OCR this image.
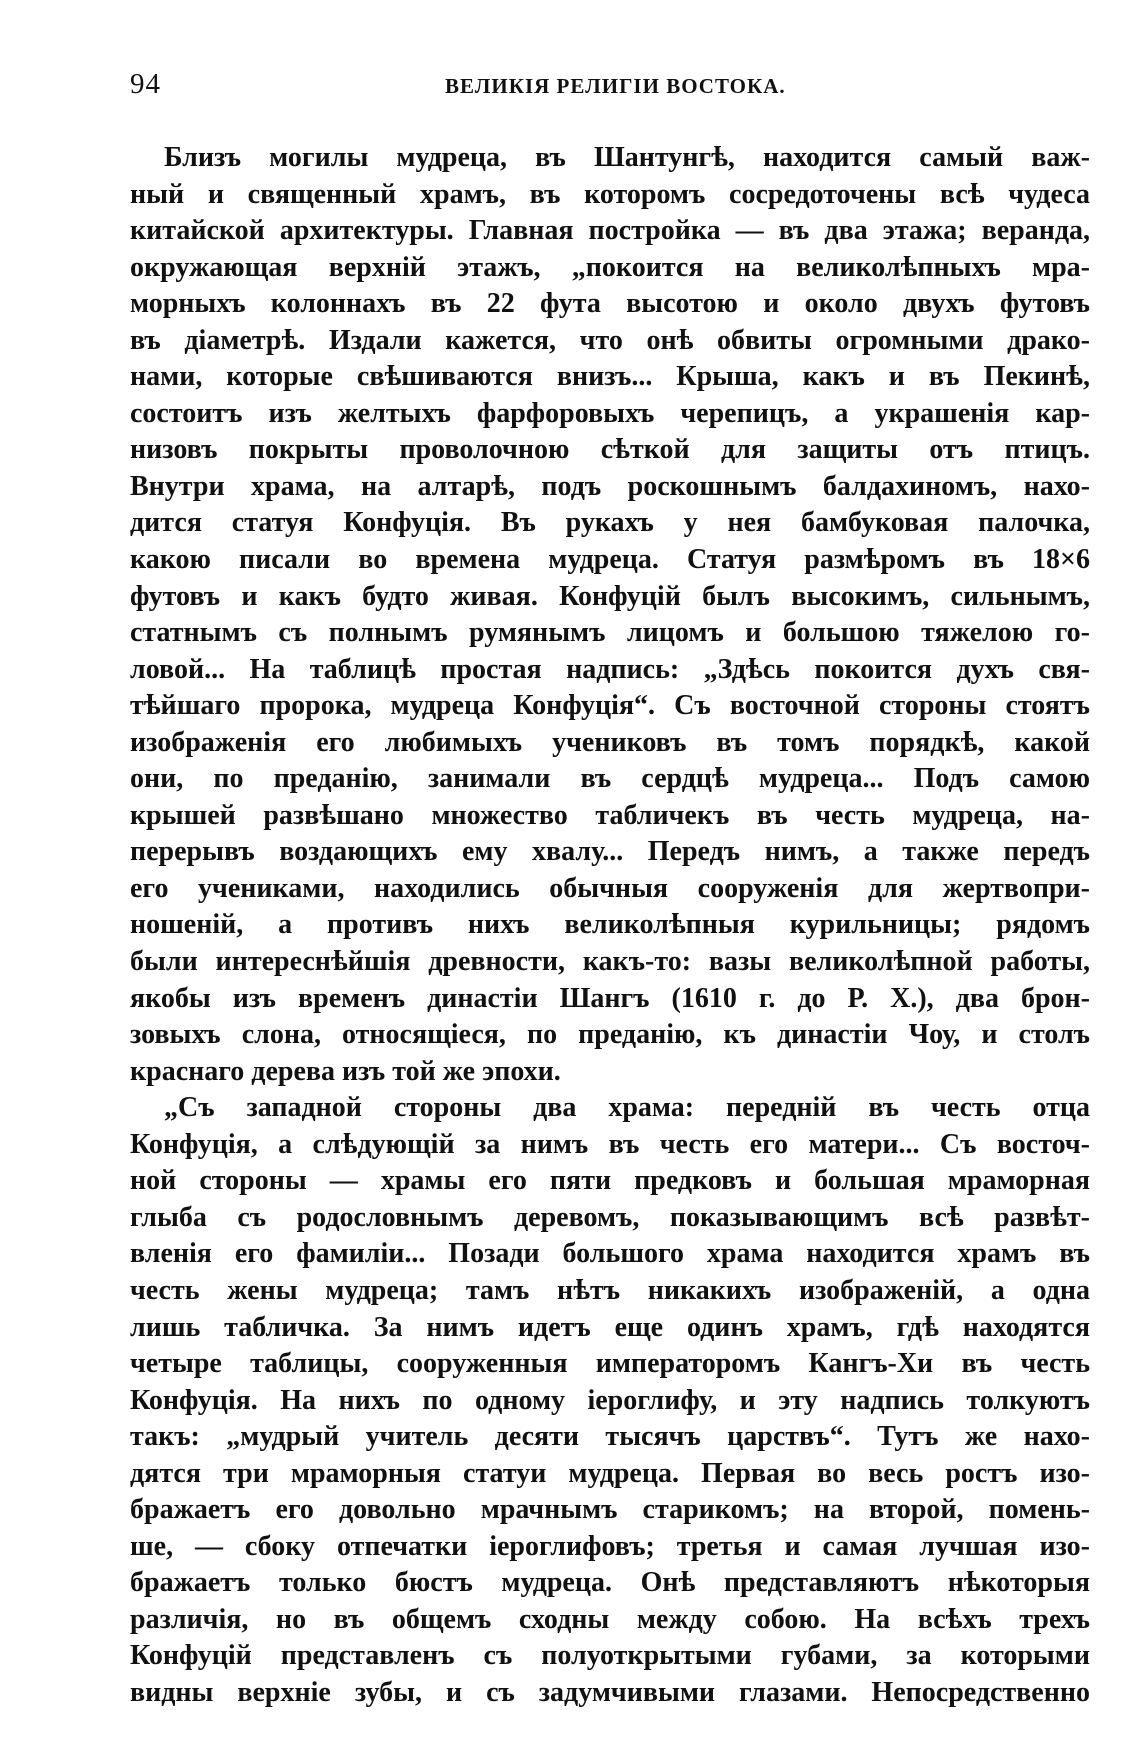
94	ВЕЛИКІЯ РЕЛИГІИ ВОСТОКА.
Близъ могилы мудреца, въ Шантунгѣ, находится самый важ-
ный и священный храмъ, въ которомъ сосредоточены всѣ чудеса
китайской архитектуры. Главная постройка — въ два этажа; веранда,
окружающая верхній этажъ, „покоится на великолѣпныхъ мра-
морныхъ колоннахъ въ 22 фута высотою и около двухъ футовъ
въ діаметрѣ. Издали кажется, что онѣ обвиты огромными драко-
нами, которые свѣшиваются внизъ... Крыша, какъ и въ Пекинѣ,
состоитъ изъ желтыхъ фарфоровыхъ черепицъ, а украшенія кар-
низовъ покрыты проволочною сѣткой для защиты отъ птицъ.
Внутри храма, на алтарѣ, подъ роскошнымъ балдахиномъ, нахо-
дится статуя Конфуція. Въ рукахъ у нея бамбуковая палочка,
какою писали во времена мудреца. Статуя размѣромъ въ 18×6
футовъ и какъ будто живая. Конфуцій былъ высокимъ, сильнымъ,
статнымъ съ полнымъ румянымъ лицомъ и большою тяжелою го-
ловой... На таблицѣ простая надпись: „Здѣсь покоится духъ свя-
тѣйшаго пророка, мудреца Конфуція“. Съ восточной стороны стоятъ
изображенія его любимыхъ учениковъ въ томъ порядкѣ, какой
они, по преданію, занимали въ сердцѣ мудреца... Подъ самою
крышей развѣшано множество табличекъ въ честь мудреца, на-
перерывъ воздающихъ ему хвалу... Передъ нимъ, а также передъ
его учениками, находились обычныя сооруженія для жертвопри-
ношеній, а противъ нихъ великолѣпныя курильницы; рядомъ
были интереснѣйшія древности, какъ-то: вазы великолѣпной работы,
якобы изъ временъ династіи Шангъ (1610 г. до Р. Х.), два брон-
зовыхъ слона, относящіеся, по преданію, къ династіи Чоу, и столъ
краснаго дерева изъ той же эпохи.
„Съ западной стороны два храма: передній въ честь отца
Конфуція, а слѣдующій за нимъ въ честь его матери... Съ восточ-
ной стороны — храмы его пяти предковъ и большая мраморная
глыба съ родословнымъ деревомъ, показывающимъ всѣ развѣт-
вленія его фамиліи... Позади большого храма находится храмъ въ
честь жены мудреца; тамъ нѣтъ никакихъ изображеній, а одна
лишь табличка. За нимъ идетъ еще одинъ храмъ, гдѣ находятся
четыре таблицы, сооруженныя императоромъ Кангъ-Хи въ честь
Конфуція. На нихъ по одному іероглифу, и эту надпись толкуютъ
такъ: „мудрый учитель десяти тысячъ царствъ“. Тутъ же нахо-
дятся три мраморныя статуи мудреца. Первая во весь ростъ изо-
бражаетъ его довольно мрачнымъ старикомъ; на второй, помень-
ше, — сбоку отпечатки іероглифовъ; третья и самая лучшая изо-
бражаетъ только бюстъ мудреца. Онѣ представляютъ нѣкоторыя
различія, но въ общемъ сходны между собою. На всѣхъ трехъ
Конфуцій представленъ съ полуоткрытыми губами, за которыми
видны верхніе зубы, и съ задумчивыми глазами. Непосредственно
